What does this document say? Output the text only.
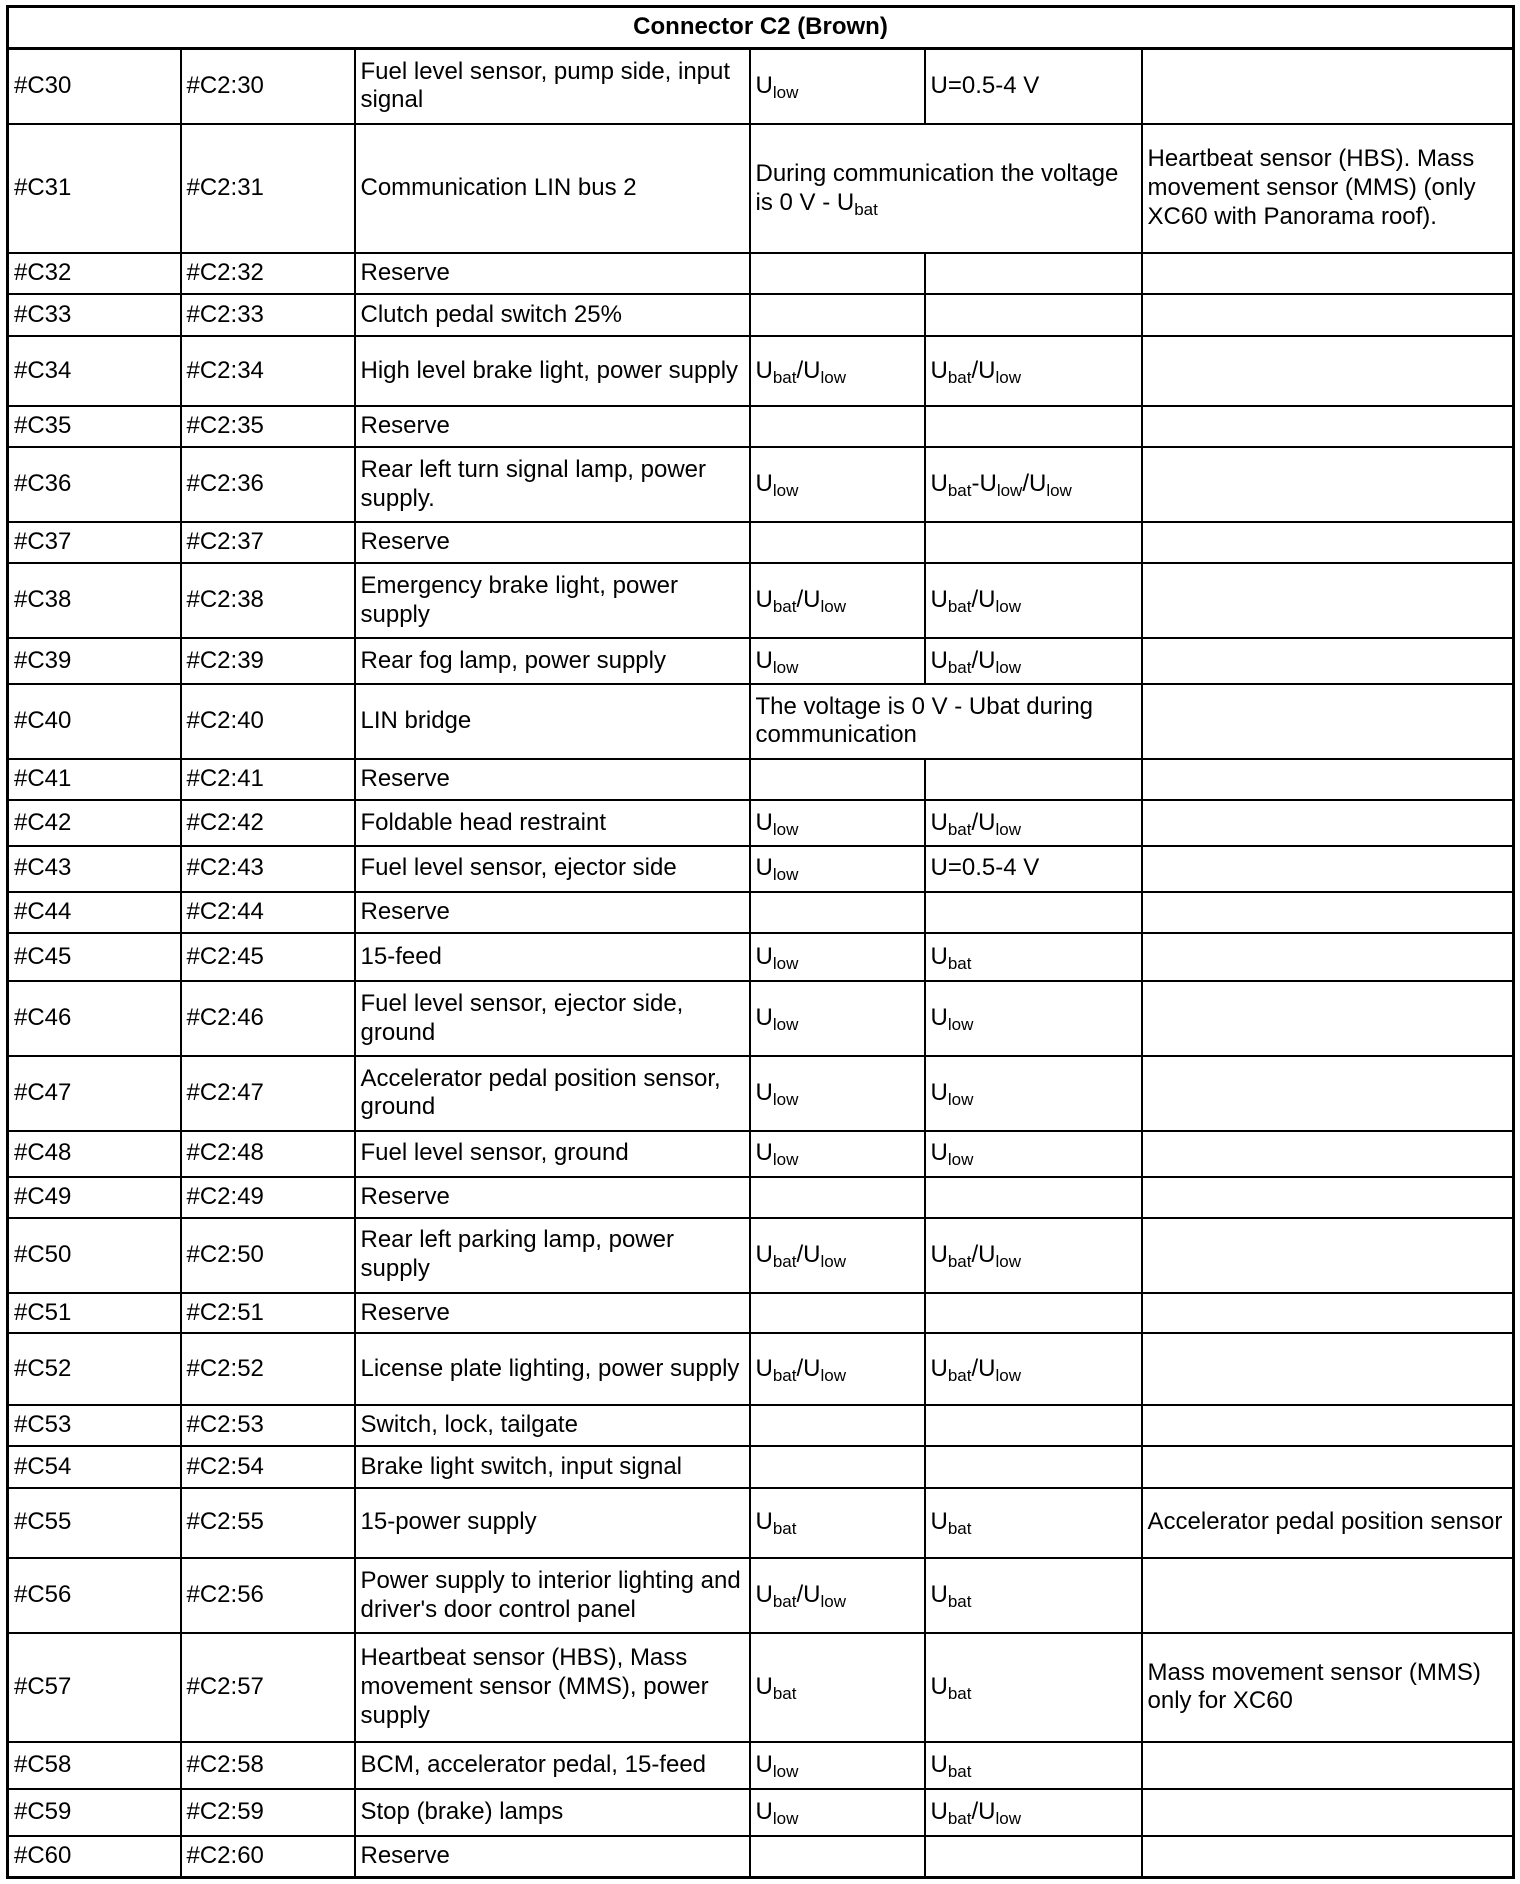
Connector C2 (Brown)					
#C30	#C2:30	Fuel level sensor, pump side, input signal	$U_{low}$	U=0.5-4 V	
#C31	#C2:31	Communication LIN bus 2	During communication the voltage is 0 V - $U_{bat}$		Heartbeat sensor (HBS). Mass movement sensor (MMS) (only XC60 with Panorama roof).
#C32	#C2:32	Reserve			
#C33	#C2:33	Clutch pedal switch 25%			
#C34	#C2:34	High level brake light, power supply	$U_{bat}/U_{low}$	$U_{bat}/U_{low}$	
#C35	#C2:35	Reserve			
#C36	#C2:36	Rear left turn signal lamp, power supply.	$U_{low}$	$U_{bat}-U_{low}/U_{low}$	
#C37	#C2:37	Reserve			
#C38	#C2:38	Emergency brake light, power supply	$U_{bat}/U_{low}$	$U_{bat}/U_{low}$	
#C39	#C2:39	Rear fog lamp, power supply	$U_{low}$	$U_{bat}/U_{low}$	
#C40	#C2:40	LIN bridge	The voltage is 0 V - Ubat during communication		
#C41	#C2:41	Reserve			
#C42	#C2:42	Foldable head restraint	$U_{low}$	$U_{bat}/U_{low}$	
#C43	#C2:43	Fuel level sensor, ejector side	$U_{low}$	U=0.5-4 V	
#C44	#C2:44	Reserve			
#C45	#C2:45	15-feed	$U_{low}$	$U_{bat}$	
#C46	#C2:46	Fuel level sensor, ejector side, ground	$U_{low}$	$U_{low}$	
#C47	#C2:47	Accelerator pedal position sensor, ground	$U_{low}$	$U_{low}$	
#C48	#C2:48	Fuel level sensor, ground	$U_{low}$	$U_{low}$	
#C49	#C2:49	Reserve			
#C50	#C2:50	Rear left parking lamp, power supply	$U_{bat}/U_{low}$	$U_{bat}/U_{low}$	
#C51	#C2:51	Reserve			
#C52	#C2:52	License plate lighting, power supply	$U_{bat}/U_{low}$	$U_{bat}/U_{low}$	
#C53	#C2:53	Switch, lock, tailgate			
#C54	#C2:54	Brake light switch, input signal			
#C55	#C2:55	15-power supply	$U_{bat}$	$U_{bat}$	Accelerator pedal position sensor
#C56	#C2:56	Power supply to interior lighting and driver's door control panel	$U_{bat}/U_{low}$	$U_{bat}$	
#C57	#C2:57	Heartbeat sensor (HBS), Mass movement sensor (MMS), power supply	$U_{bat}$	$U_{bat}$	Mass movement sensor (MMS) only for XC60
#C58	#C2:58	BCM, accelerator pedal, 15-feed	$U_{low}$	$U_{bat}$	
#C59	#C2:59	Stop (brake) lamps	$U_{low}$	$U_{bat}/U_{low}$	
#C60	#C2:60	Reserve			
